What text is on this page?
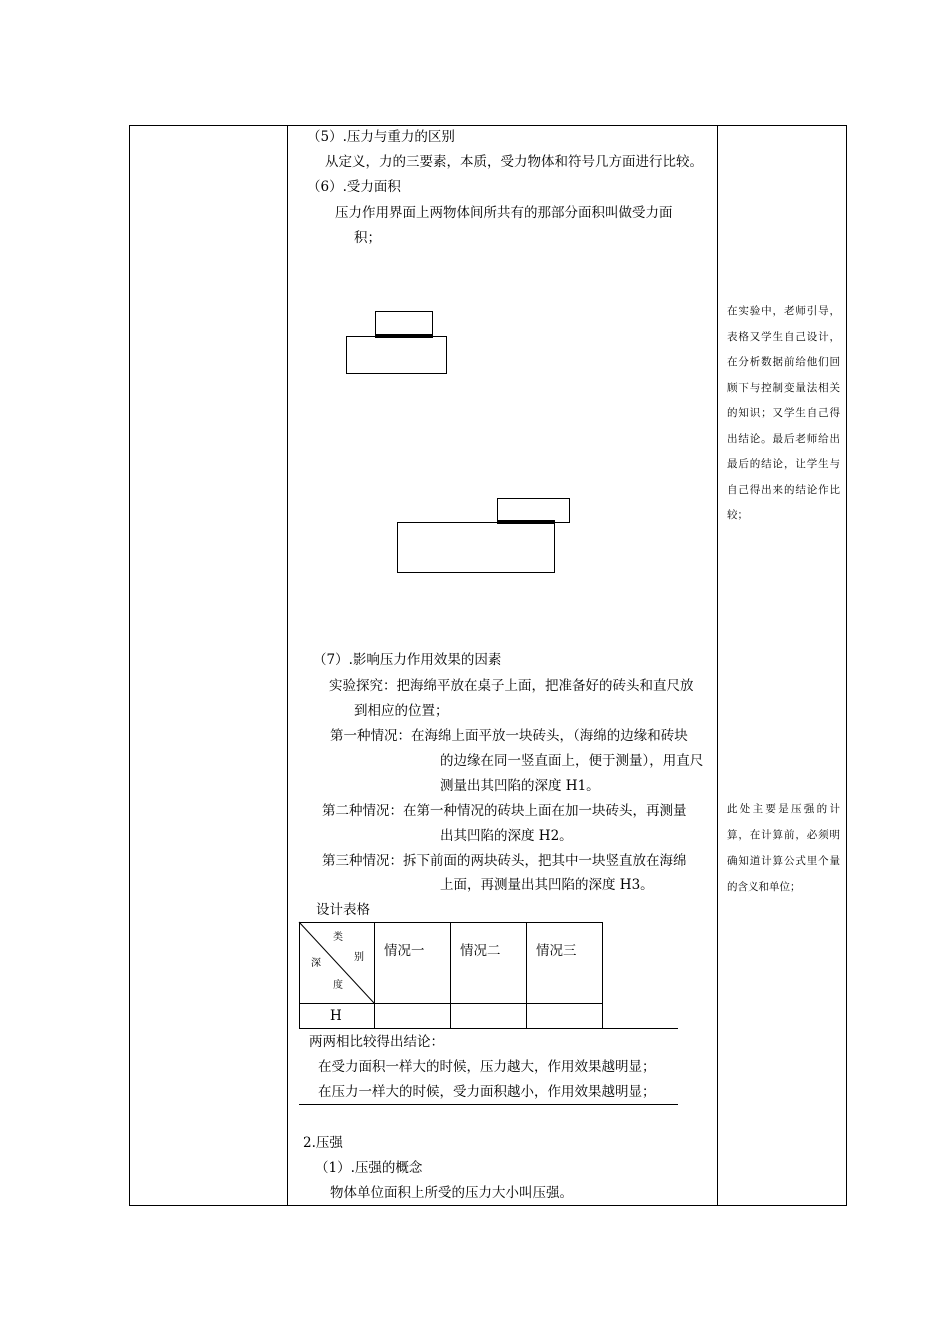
（5）.压力与重力的区别
从定义，力的三要素，本质，受力物体和符号几方面进行比较。
（6）.受力面积
压力作用界面上两物体间所共有的那部分面积叫做受力面
积；
（7）.影响压力作用效果的因素
实验探究：把海绵平放在桌子上面，把准备好的砖头和直尺放
到相应的位置；
第一种情况：在海绵上面平放一块砖头，（海绵的边缘和砖块
的边缘在同一竖直面上，便于测量），用直尺
测量出其凹陷的深度 H1。
第二种情况：在第一种情况的砖块上面在加一块砖头，再测量
出其凹陷的深度 H2。
第三种情况：拆下前面的两块砖头，把其中一块竖直放在海绵
上面，再测量出其凹陷的深度 H3。
设计表格
类
别
深
度
情况一	情况二	情况三
H
两两相比较得出结论：
在受力面积一样大的时候，压力越大，作用效果越明显；
在压力一样大的时候，受力面积越小，作用效果越明显；
2.压强
（1）.压强的概念
物体单位面积上所受的压力大小叫压强。
在实验中，老师引导，表格又学生自己设计，在分析数据前给他们回顾下与控制变量法相关的知识；又学生自己得出结论。最后老师给出最后的结论，让学生与自己得出来的结论作比较；
此处主要是压强的计算，在计算前，必须明确知道计算公式里个量的含义和单位；
